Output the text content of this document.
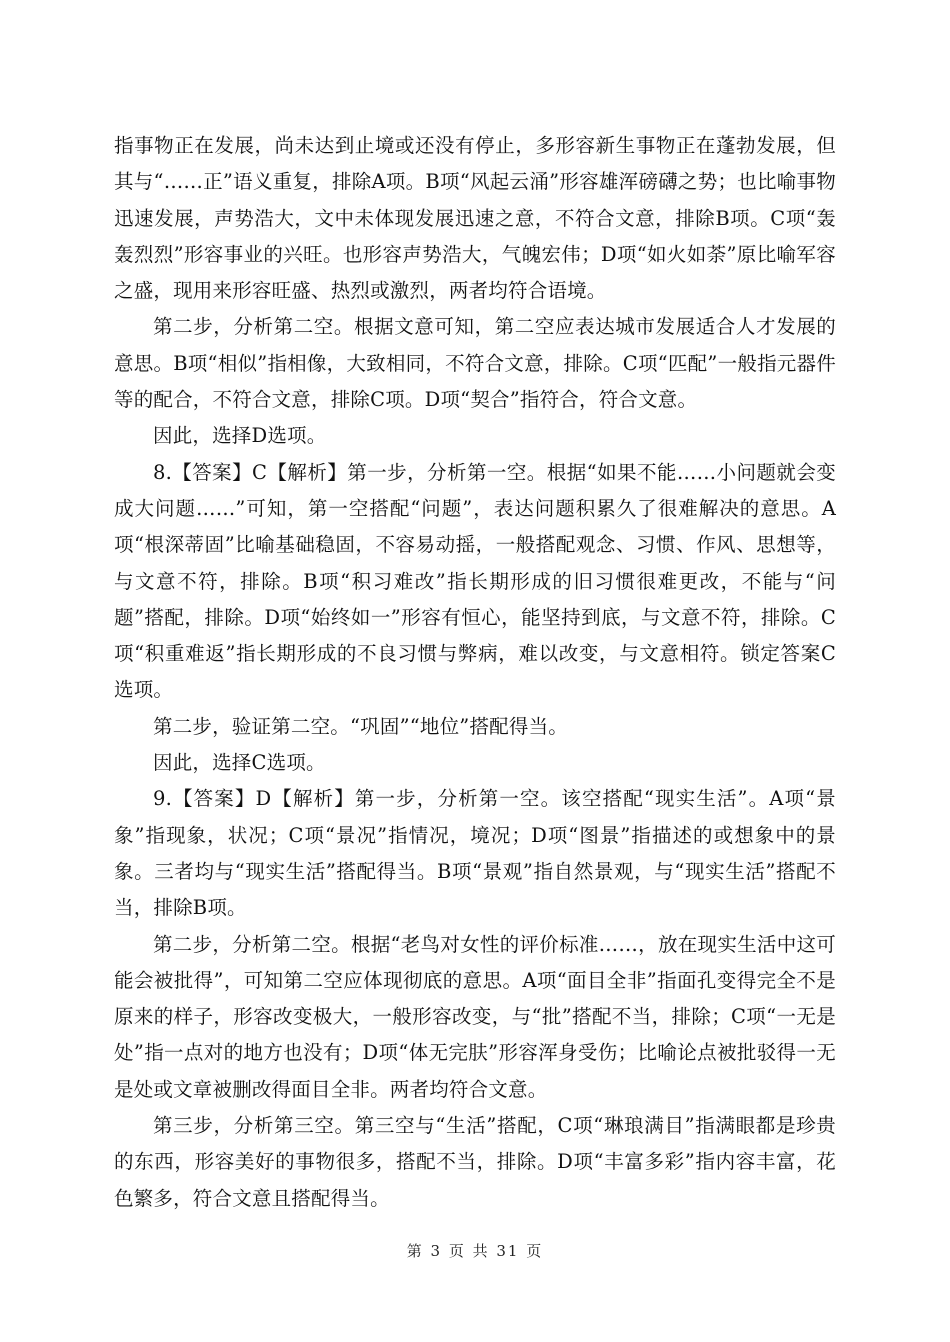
指事物正在发展，尚未达到止境或还没有停止，多形容新生事物正在蓬勃发展，但其与“……正”语义重复，排除A项。B项“风起云涌”形容雄浑磅礴之势；也比喻事物迅速发展，声势浩大，文中未体现发展迅速之意，不符合文意，排除B项。C项“轰轰烈烈”形容事业的兴旺。也形容声势浩大，气魄宏伟；D项“如火如荼”原比喻军容之盛，现用来形容旺盛、热烈或激烈，两者均符合语境。

第二步，分析第二空。根据文意可知，第二空应表达城市发展适合人才发展的意思。B项“相似”指相像，大致相同，不符合文意，排除。C项“匹配”一般指元器件等的配合，不符合文意，排除C项。D项“契合”指符合，符合文意。

因此，选择D选项。

8.【答案】C【解析】第一步，分析第一空。根据“如果不能……小问题就会变成大问题……”可知，第一空搭配“问题”，表达问题积累久了很难解决的意思。A项“根深蒂固”比喻基础稳固，不容易动摇，一般搭配观念、习惯、作风、思想等，与文意不符，排除。B项“积习难改”指长期形成的旧习惯很难更改，不能与“问题”搭配，排除。D项“始终如一”形容有恒心，能坚持到底，与文意不符，排除。C项“积重难返”指长期形成的不良习惯与弊病，难以改变，与文意相符。锁定答案C选项。

第二步，验证第二空。“巩固”“地位”搭配得当。

因此，选择C选项。

9.【答案】D【解析】第一步，分析第一空。该空搭配“现实生活”。A项“景象”指现象，状况；C项“景况”指情况，境况；D项“图景”指描述的或想象中的景象。三者均与“现实生活”搭配得当。B项“景观”指自然景观，与“现实生活”搭配不当，排除B项。

第二步，分析第二空。根据“老鸟对女性的评价标准……，放在现实生活中这可能会被批得”，可知第二空应体现彻底的意思。A项“面目全非”指面孔变得完全不是原来的样子，形容改变极大，一般形容改变，与“批”搭配不当，排除；C项“一无是处”指一点对的地方也没有；D项“体无完肤”形容浑身受伤；比喻论点被批驳得一无是处或文章被删改得面目全非。两者均符合文意。

第三步，分析第三空。第三空与“生活”搭配，C项“琳琅满目”指满眼都是珍贵的东西，形容美好的事物很多，搭配不当，排除。D项“丰富多彩”指内容丰富，花色繁多，符合文意且搭配得当。

第 3 页 共 31 页
